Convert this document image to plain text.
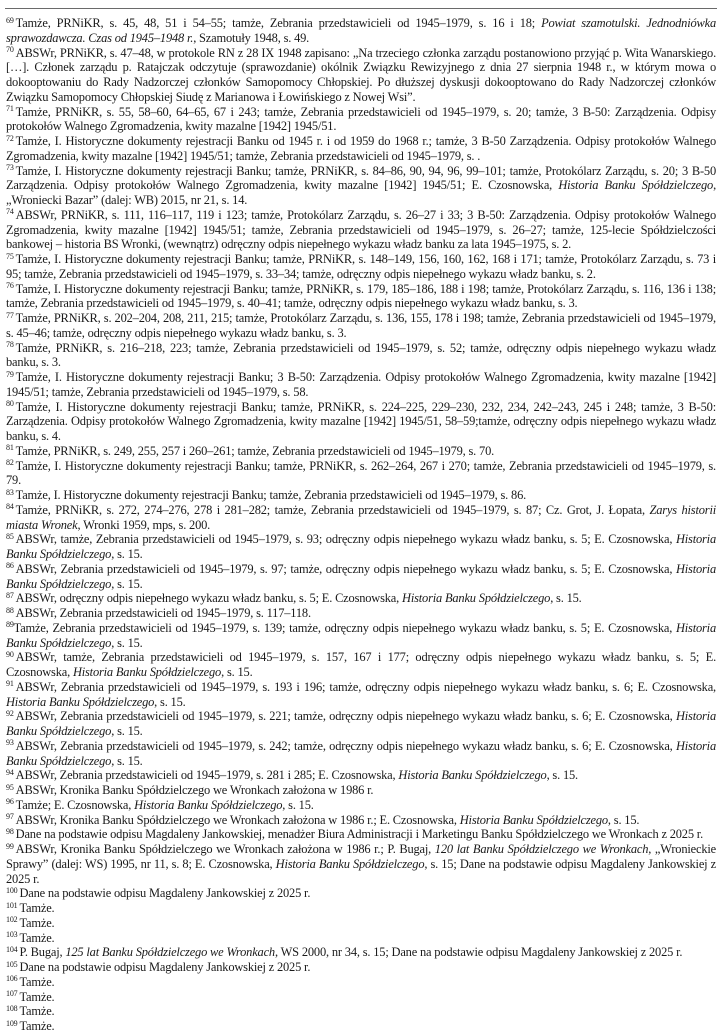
$^{69}$ Tamże, PRNiKR, s. 45, 48, 51 i 54–55; tamże, Zebrania przedstawicieli od 1945–1979, s. 16 i 18; Powiat szamotulski. Jednodniówka sprawozdawcza. Czas od 1945–1948 r., Szamotuły 1948, s. 49.

$^{70}$ ABSWr, PRNiKR, s. 47–48, w protokole RN z 28 IX 1948 zapisano: „Na trzeciego członka zarządu postanowiono przyjąć p. Wita Wanarskiego. […]. Członek zarządu p. Ratajczak odczytuje (sprawozdanie) okólnik Związku Rewizyjnego z dnia 27 sierpnia 1948 r., w którym mowa o dokooptowaniu do Rady Nadzorczej członków Samopomocy Chłopskiej. Po dłuższej dyskusji dokooptowano do Rady Nadzorczej członków Związku Samopomocy Chłopskiej Siudę z Marianowa i Łowińskiego z Nowej Wsi”.

$^{71}$ Tamże, PRNiKR, s. 55, 58–60, 64–65, 67 i 243; tamże, Zebrania przedstawicieli od 1945–1979, s. 20; tamże, 3 B-50: Zarządzenia. Odpisy protokołów Walnego Zgromadzenia, kwity mazalne [1942] 1945/51.

$^{72}$ Tamże, I. Historyczne dokumenty rejestracji Banku od 1945 r. i od 1959 do 1968 r.; tamże, 3 B-50 Zarządzenia. Odpisy protokołów Walnego Zgromadzenia, kwity mazalne [1942] 1945/51; tamże, Zebrania przedstawicieli od 1945–1979, s. .

$^{73}$ Tamże, I. Historyczne dokumenty rejestracji Banku; tamże, PRNiKR, s. 84–86, 90, 94, 96, 99–101; tamże, Protokólarz Zarządu, s. 20; 3 B-50 Zarządzenia. Odpisy protokołów Walnego Zgromadzenia, kwity mazalne [1942] 1945/51; E. Czosnowska, Historia Banku Spółdzielczego, „Wroniecki Bazar” (dalej: WB) 2015, nr 21, s. 14.

$^{74}$ ABSWr, PRNiKR, s. 111, 116–117, 119 i 123; tamże, Protokólarz Zarządu, s. 26–27 i 33; 3 B-50: Zarządzenia. Odpisy protokołów Walnego Zgromadzenia, kwity mazalne [1942] 1945/51; tamże, Zebrania przedstawicieli od 1945–1979, s. 26–27; tamże, 125-lecie Spółdzielczości bankowej – historia BS Wronki, (wewnątrz) odręczny odpis niepełnego wykazu władz banku za lata 1945–1975, s. 2.

$^{75}$ Tamże, I. Historyczne dokumenty rejestracji Banku; tamże, PRNiKR, s. 148–149, 156, 160, 162, 168 i 171; tamże, Protokólarz Zarządu, s. 73 i 95; tamże, Zebrania przedstawicieli od 1945–1979, s. 33–34; tamże, odręczny odpis niepełnego wykazu władz banku, s. 2.

$^{76}$ Tamże, I. Historyczne dokumenty rejestracji Banku; tamże, PRNiKR, s. 179, 185–186, 188 i 198; tamże, Protokólarz Zarządu, s. 116, 136 i 138; tamże, Zebrania przedstawicieli od 1945–1979, s. 40–41; tamże, odręczny odpis niepełnego wykazu władz banku, s. 3.

$^{77}$ Tamże, PRNiKR, s. 202–204, 208, 211, 215; tamże, Protokólarz Zarządu, s. 136, 155, 178 i 198; tamże, Zebrania przedstawicieli od 1945–1979, s. 45–46; tamże, odręczny odpis niepełnego wykazu władz banku, s. 3.

$^{78}$ Tamże, PRNiKR, s. 216–218, 223; tamże, Zebrania przedstawicieli od 1945–1979, s. 52; tamże, odręczny odpis niepełnego wykazu władz banku, s. 3.

$^{79}$ Tamże, I. Historyczne dokumenty rejestracji Banku; 3 B-50: Zarządzenia. Odpisy protokołów Walnego Zgromadzenia, kwity mazalne [1942] 1945/51; tamże, Zebrania przedstawicieli od 1945–1979, s. 58.

$^{80}$ Tamże, I. Historyczne dokumenty rejestracji Banku; tamże, PRNiKR, s. 224–225, 229–230, 232, 234, 242–243, 245 i 248; tamże, 3 B-50: Zarządzenia. Odpisy protokołów Walnego Zgromadzenia, kwity mazalne [1942] 1945/51, 58–59;tamże, odręczny odpis niepełnego wykazu władz banku, s. 4.

$^{81}$ Tamże, PRNiKR, s. 249, 255, 257 i 260–261; tamże, Zebrania przedstawicieli od 1945–1979, s. 70.

$^{82}$ Tamże, I. Historyczne dokumenty rejestracji Banku; tamże, PRNiKR, s. 262–264, 267 i 270; tamże, Zebrania przedstawicieli od 1945–1979, s. 79.

$^{83}$ Tamże, I. Historyczne dokumenty rejestracji Banku; tamże, Zebrania przedstawicieli od 1945–1979, s. 86.

$^{84}$ Tamże, PRNiKR, s. 272, 274–276, 278 i 281–282; tamże, Zebrania przedstawicieli od 1945–1979, s. 87; Cz. Grot, J. Łopata, Zarys historii miasta Wronek, Wronki 1959, mps, s. 200.

$^{85}$ ABSWr, tamże, Zebrania przedstawicieli od 1945–1979, s. 93; odręczny odpis niepełnego wykazu władz banku, s. 5; E. Czosnowska, Historia Banku Spółdzielczego, s. 15.

$^{86}$ ABSWr, Zebrania przedstawicieli od 1945–1979, s. 97; tamże, odręczny odpis niepełnego wykazu władz banku, s. 5; E. Czosnowska, Historia Banku Spółdzielczego, s. 15.

$^{87}$ ABSWr, odręczny odpis niepełnego wykazu władz banku, s. 5; E. Czosnowska, Historia Banku Spółdzielczego, s. 15.

$^{88}$ ABSWr, Zebrania przedstawicieli od 1945–1979, s. 117–118.

$^{89}$Tamże, Zebrania przedstawicieli od 1945–1979, s. 139; tamże, odręczny odpis niepełnego wykazu władz banku, s. 5; E. Czosnowska, Historia Banku Spółdzielczego, s. 15.

$^{90}$ ABSWr, tamże, Zebrania przedstawicieli od 1945–1979, s. 157, 167 i 177; odręczny odpis niepełnego wykazu władz banku, s. 5; E. Czosnowska, Historia Banku Spółdzielczego, s. 15.

$^{91}$ ABSWr, Zebrania przedstawicieli od 1945–1979, s. 193 i 196; tamże, odręczny odpis niepełnego wykazu władz banku, s. 6; E. Czosnowska, Historia Banku Spółdzielczego, s. 15.

$^{92}$ ABSWr, Zebrania przedstawicieli od 1945–1979, s. 221; tamże, odręczny odpis niepełnego wykazu władz banku, s. 6; E. Czosnowska, Historia Banku Spółdzielczego, s. 15.

$^{93}$ ABSWr, Zebrania przedstawicieli od 1945–1979, s. 242; tamże, odręczny odpis niepełnego wykazu władz banku, s. 6; E. Czosnowska, Historia Banku Spółdzielczego, s. 15.

$^{94}$ ABSWr, Zebrania przedstawicieli od 1945–1979, s. 281 i 285; E. Czosnowska, Historia Banku Spółdzielczego, s. 15.

$^{95}$ ABSWr, Kronika Banku Spółdzielczego we Wronkach założona w 1986 r.

$^{96}$ Tamże; E. Czosnowska, Historia Banku Spółdzielczego, s. 15.

$^{97}$ ABSWr, Kronika Banku Spółdzielczego we Wronkach założona w 1986 r.; E. Czosnowska, Historia Banku Spółdzielczego, s. 15.

$^{98}$ Dane na podstawie odpisu Magdaleny Jankowskiej, menadżer Biura Administracji i Marketingu Banku Spółdzielczego we Wronkach z 2025 r.

$^{99}$ ABSWr, Kronika Banku Spółdzielczego we Wronkach założona w 1986 r.; P. Bugaj, 120 lat Banku Spółdzielczego we Wronkach, „Wronieckie Sprawy” (dalej: WS) 1995, nr 11, s. 8; E. Czosnowska, Historia Banku Spółdzielczego, s. 15; Dane na podstawie odpisu Magdaleny Jankowskiej z 2025 r.

$^{100}$ Dane na podstawie odpisu Magdaleny Jankowskiej z 2025 r.

$^{101}$ Tamże.

$^{102}$ Tamże.

$^{103}$ Tamże.

$^{104}$ P. Bugaj, 125 lat Banku Spółdzielczego we Wronkach, WS 2000, nr 34, s. 15; Dane na podstawie odpisu Magdaleny Jankowskiej z 2025 r.

$^{105}$ Dane na podstawie odpisu Magdaleny Jankowskiej z 2025 r.

$^{106}$ Tamże.

$^{107}$ Tamże.

$^{108}$ Tamże.

$^{109}$ Tamże.
